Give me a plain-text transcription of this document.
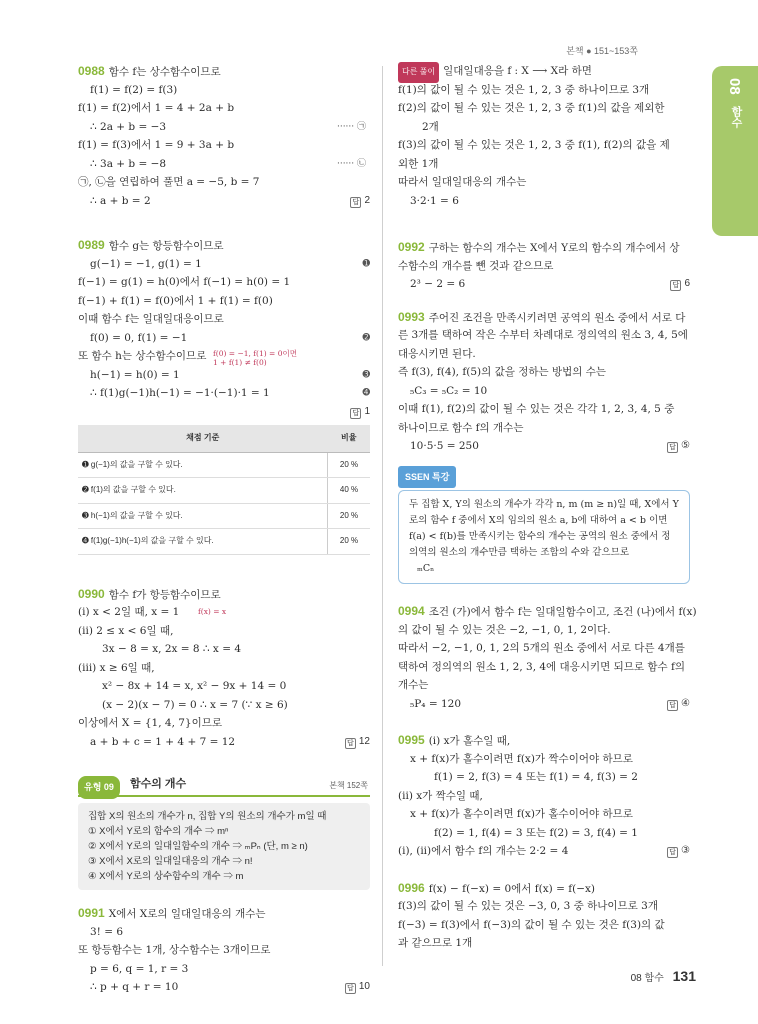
본책 ● 151~153쪽
08
함수
0988 함수 f는 상수함수이므로
f(1) = f(2) = f(3)
f(1) = f(2)에서 1 = 4 + 2a + b
∴ 2a + b = −3	······ ㉠
f(1) = f(3)에서 1 = 9 + 3a + b
∴ 3a + b = −8	······ ㉡
㉠, ㉡을 연립하여 풀면 a = −5, b = 7
∴ a + b = 2	답 2
0989 함수 g는 항등함수이므로
g(−1) = −1, g(1) = 1	➊
f(−1) = g(1) = h(0)에서 f(−1) = h(0) = 1
f(−1) + f(1) = f(0)에서 1 + f(1) = f(0)
이때 함수 f는 일대일대응이므로
f(0) = 0, f(1) = −1	➋
또 함수 h는 상수함수이므로 f(0) = −1, f(1) = 0이면
1 + f(1) ≠ f(0)
h(−1) = h(0) = 1	➌
∴ f(1)g(−1)h(−1) = −1·(−1)·1 = 1	➍
답 1
채점 기준	비율
➊ g(−1)의 값을 구할 수 있다.	20 %
➋ f(1)의 값을 구할 수 있다.	40 %
➌ h(−1)의 값을 구할 수 있다.	20 %
➍ f(1)g(−1)h(−1)의 값을 구할 수 있다.	20 %
0990 함수 f가 항등함수이므로
(i) x < 2일 때, x = 1 f(x) = x
(ii) 2 ≤ x < 6일 때,
3x − 8 = x, 2x = 8 ∴ x = 4
(iii) x ≥ 6일 때,
x² − 8x + 14 = x, x² − 9x + 14 = 0
(x − 2)(x − 7) = 0 ∴ x = 7 (∵ x ≥ 6)
이상에서 X = {1, 4, 7}이므로
a + b + c = 1 + 4 + 7 = 12	답 12
유형 09	함수의 개수	본책 152쪽
집합 X의 원소의 개수가 n, 집합 Y의 원소의 개수가 m일 때
① X에서 Y로의 함수의 개수 ⇒ mⁿ
② X에서 Y로의 일대일함수의 개수 ⇒ ₘPₙ (단, m ≥ n)
③ X에서 X로의 일대일대응의 개수 ⇒ n!
④ X에서 Y로의 상수함수의 개수 ⇒ m
0991 X에서 X로의 일대일대응의 개수는
3! = 6
또 항등함수는 1개, 상수함수는 3개이므로
p = 6, q = 1, r = 3
∴ p + q + r = 10	답 10
다른 풀이 일대일대응을 f : X ⟶ X라 하면
f(1)의 값이 될 수 있는 것은 1, 2, 3 중 하나이므로 3개
f(2)의 값이 될 수 있는 것은 1, 2, 3 중 f(1)의 값을 제외한
2개
f(3)의 값이 될 수 있는 것은 1, 2, 3 중 f(1), f(2)의 값을 제
외한 1개
따라서 일대일대응의 개수는
3·2·1 = 6
0992 구하는 함수의 개수는 X에서 Y로의 함수의 개수에서 상
수함수의 개수를 뺀 것과 같으므로
2³ − 2 = 6	답 6
0993 주어진 조건을 만족시키려면 공역의 원소 중에서 서로 다
른 3개를 택하여 작은 수부터 차례대로 정의역의 원소 3, 4, 5에
대응시키면 된다.
즉 f(3), f(4), f(5)의 값을 정하는 방법의 수는
₅C₃ = ₅C₂ = 10
이때 f(1), f(2)의 값이 될 수 있는 것은 각각 1, 2, 3, 4, 5 중
하나이므로 함수 f의 개수는
10·5·5 = 250	답 ⑤
SSEN 특강
두 집합 X, Y의 원소의 개수가 각각 n, m (m ≥ n)일 때, X에서 Y로의 함수 f 중에서 X의 임의의 원소 a, b에 대하여 a < b 이면 f(a) < f(b)를 만족시키는 함수의 개수는 공역의 원소 중에서 정의역의 원소의 개수만큼 택하는 조합의 수와 같으므로
ₘCₙ
0994 조건 (가)에서 함수 f는 일대일함수이고, 조건 (나)에서 f(x)
의 값이 될 수 있는 것은 −2, −1, 0, 1, 2이다.
따라서 −2, −1, 0, 1, 2의 5개의 원소 중에서 서로 다른 4개를
택하여 정의역의 원소 1, 2, 3, 4에 대응시키면 되므로 함수 f의
개수는
₅P₄ = 120	답 ④
0995 (i) x가 홀수일 때,
x + f(x)가 홀수이려면 f(x)가 짝수이어야 하므로
f(1) = 2, f(3) = 4 또는 f(1) = 4, f(3) = 2
(ii) x가 짝수일 때,
x + f(x)가 홀수이려면 f(x)가 홀수이어야 하므로
f(2) = 1, f(4) = 3 또는 f(2) = 3, f(4) = 1
(i), (ii)에서 함수 f의 개수는 2·2 = 4	답 ③
0996 f(x) − f(−x) = 0에서 f(x) = f(−x)
f(3)의 값이 될 수 있는 것은 −3, 0, 3 중 하나이므로 3개
f(−3) = f(3)에서 f(−3)의 값이 될 수 있는 것은 f(3)의 값
과 같으므로 1개
08 함수 131
